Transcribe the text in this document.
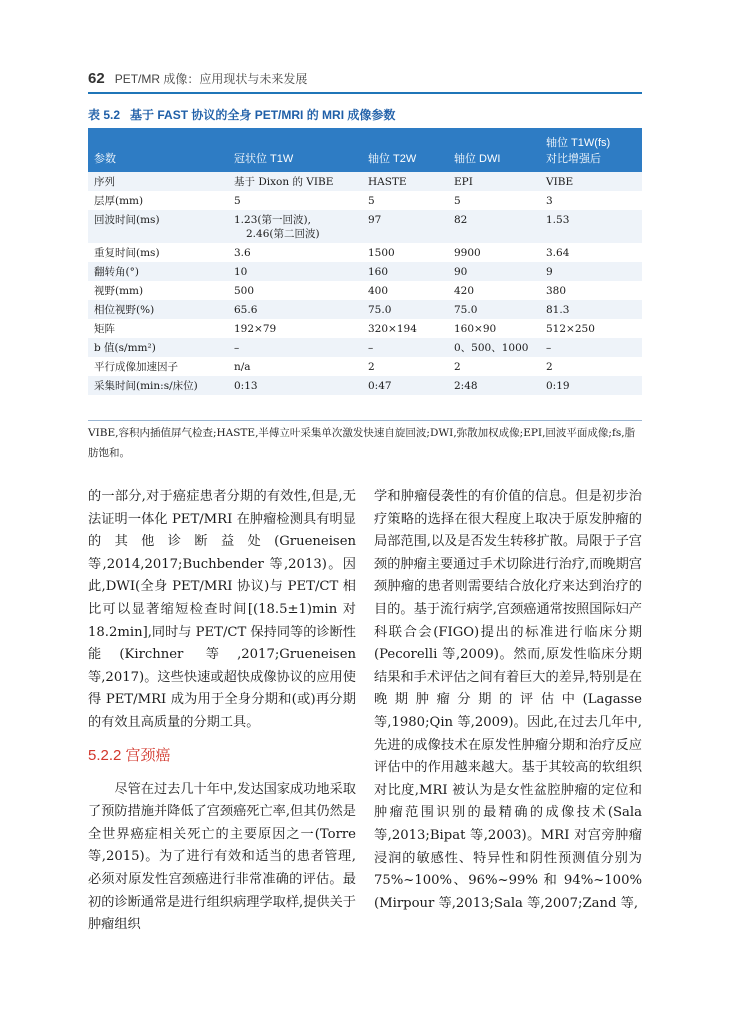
62 PET/MR 成像：应用现状与未来发展
表 5.2 基于 FAST 协议的全身 PET/MRI 的 MRI 成像参数
参数	冠状位 T1W	轴位 T2W	轴位 DWI	轴位 T1W(fs)
对比增强后
序列	基于 Dixon 的 VIBE	HASTE	EPI	VIBE
层厚(mm)	5	5	5	3
回波时间(ms)	1.23(第一回波),
2.46(第二回波)	97	82	1.53
重复时间(ms)	3.6	1500	9900	3.64
翻转角(°)	10	160	90	9
视野(mm)	500	400	420	380
相位视野(%)	65.6	75.0	75.0	81.3
矩阵	192×79	320×194	160×90	512×250
b 值(s/mm²)	–	–	0、500、1000	–
平行成像加速因子	n/a	2	2	2
采集时间(min:s/床位)	0:13	0:47	2:48	0:19
VIBE,容积内插值屏气检查;HASTE,半傅立叶采集单次激发快速自旋回波;DWI,弥散加权成像;EPI,回波平面成像;fs,脂肪饱和。

的一部分,对于癌症患者分期的有效性,但是,无法证明一体化 PET/MRI 在肿瘤检测具有明显的其他诊断益处(Grueneisen 等,2014,2017;Buchbender 等,2013)。因此,DWI(全身 PET/MRI 协议)与 PET/CT 相比可以显著缩短检查时间[(18.5±1)min 对 18.2min],同时与 PET/CT 保持同等的诊断性能(Kirchner 等,2017;Grueneisen 等,2017)。这些快速或超快成像协议的应用使得 PET/MRI 成为用于全身分期和(或)再分期的有效且高质量的分期工具。

5.2.2 宫颈癌

尽管在过去几十年中,发达国家成功地采取了预防措施并降低了宫颈癌死亡率,但其仍然是全世界癌症相关死亡的主要原因之一(Torre 等,2015)。为了进行有效和适当的患者管理,必须对原发性宫颈癌进行非常准确的评估。最初的诊断通常是进行组织病理学取样,提供关于肿瘤组织

学和肿瘤侵袭性的有价值的信息。但是初步治疗策略的选择在很大程度上取决于原发肿瘤的局部范围,以及是否发生转移扩散。局限于子宫颈的肿瘤主要通过手术切除进行治疗,而晚期宫颈肿瘤的患者则需要结合放化疗来达到治疗的目的。基于流行病学,宫颈癌通常按照国际妇产科联合会(FIGO)提出的标准进行临床分期(Pecorelli 等,2009)。然而,原发性临床分期结果和手术评估之间有着巨大的差异,特别是在晚期肿瘤分期的评估中(Lagasse 等,1980;Qin 等,2009)。因此,在过去几年中,先进的成像技术在原发性肿瘤分期和治疗反应评估中的作用越来越大。基于其较高的软组织对比度,MRI 被认为是女性盆腔肿瘤的定位和肿瘤范围识别的最精确的成像技术(Sala 等,2013;Bipat 等,2003)。MRI 对宫旁肿瘤浸润的敏感性、特异性和阴性预测值分别为 75%~100%、96%~99% 和 94%~100%(Mirpour 等,2013;Sala 等,2007;Zand 等,
